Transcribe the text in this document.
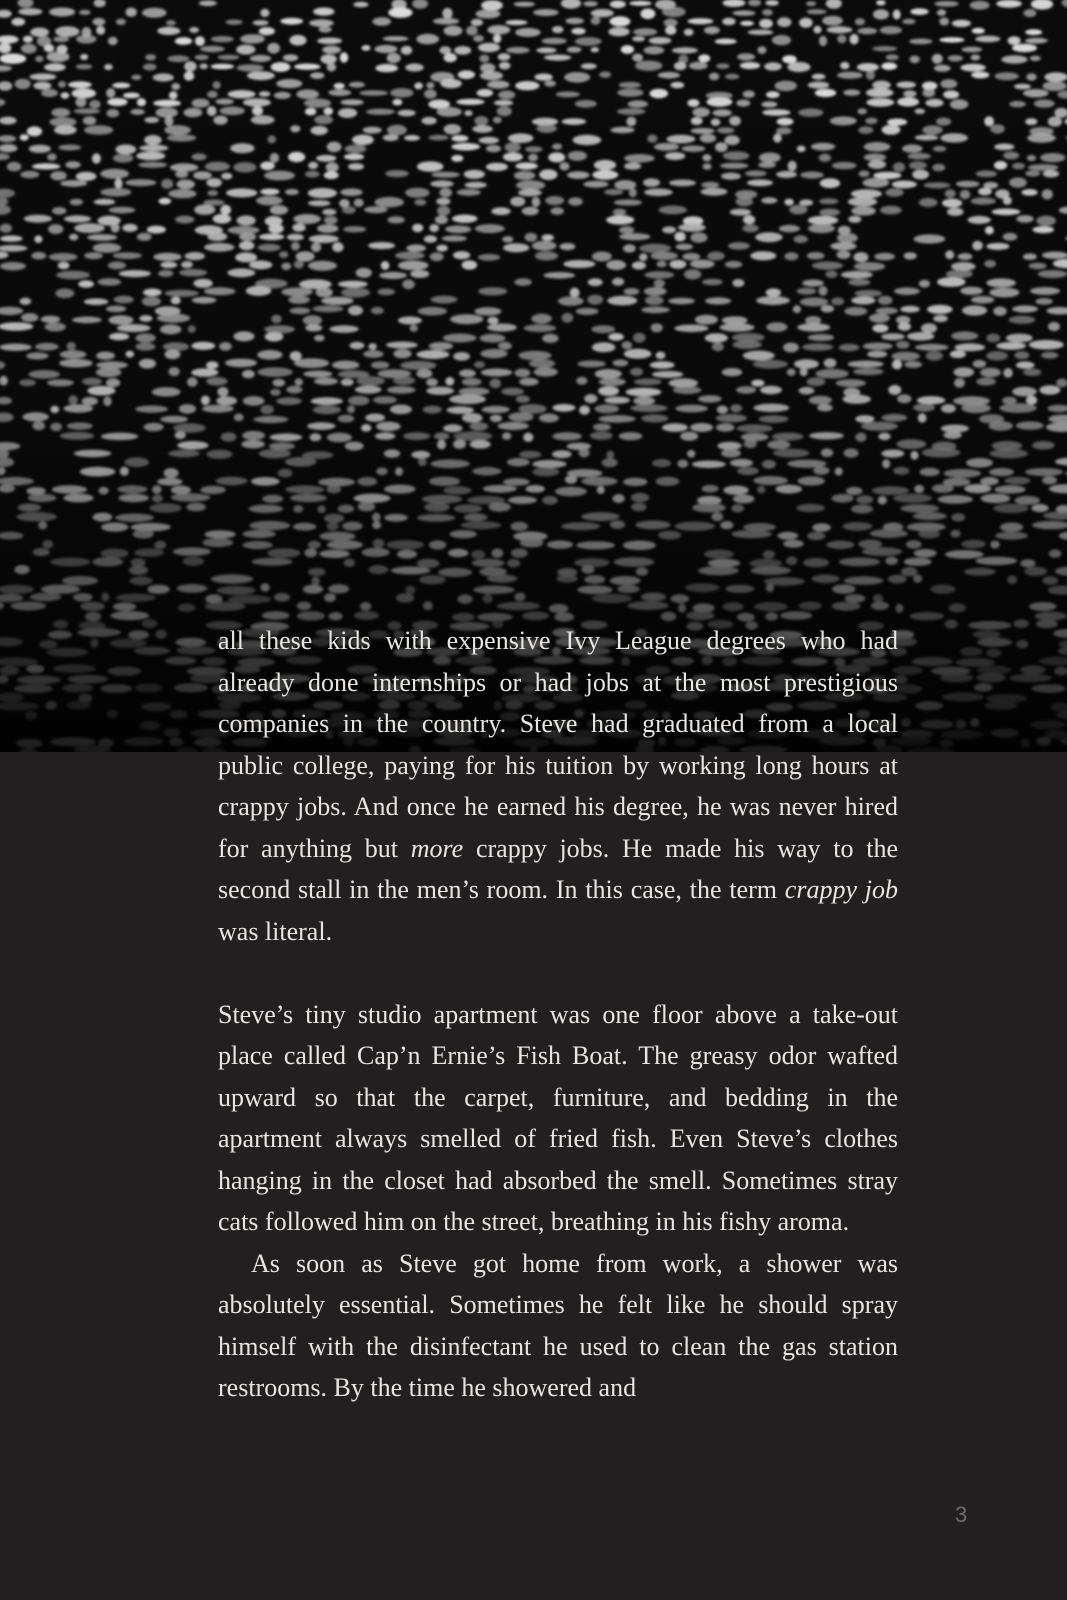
all these kids with expensive Ivy League degrees who had already done internships or had jobs at the most prestigious companies in the country. Steve had graduated from a local public college, paying for his tuition by working long hours at crappy jobs. And once he earned his degree, he was never hired for anything but more crappy jobs. He made his way to the second stall in the men’s room. In this case, the term crappy job was literal.

Steve’s tiny studio apartment was one floor above a take-out place called Cap’n Ernie’s Fish Boat. The greasy odor wafted upward so that the carpet, furniture, and bedding in the apartment always smelled of fried fish. Even Steve’s clothes hanging in the closet had absorbed the smell. Sometimes stray cats followed him on the street, breathing in his fishy aroma.

As soon as Steve got home from work, a shower was absolutely essential. Sometimes he felt like he should spray himself with the disinfectant he used to clean the gas station restrooms. By the time he showered and

3
